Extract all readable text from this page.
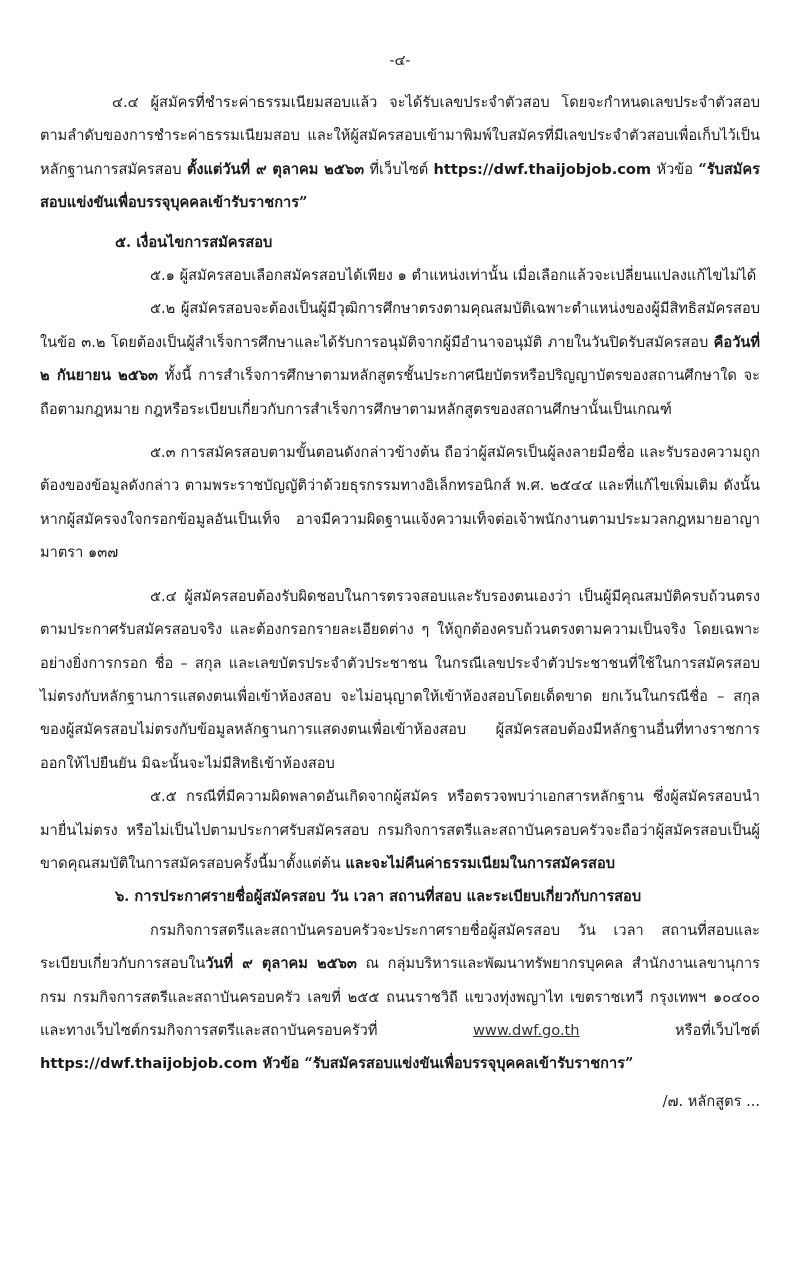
-๔-

๔.๔ ผู้สมัครที่ชำระค่าธรรมเนียมสอบแล้ว จะได้รับเลขประจำตัวสอบ โดยจะกำหนดเลขประจำตัวสอบตามลำดับของการชำระค่าธรรมเนียมสอบ และให้ผู้สมัครสอบเข้ามาพิมพ์ใบสมัครที่มีเลขประจำตัวสอบเพื่อเก็บไว้เป็นหลักฐานการสมัครสอบ ตั้งแต่วันที่ ๙ ตุลาคม ๒๕๖๓ ที่เว็บไซต์ https://dwf.thaijobjob.com หัวข้อ “รับสมัครสอบแข่งขันเพื่อบรรจุบุคคลเข้ารับราชการ”

๕. เงื่อนไขการสมัครสอบ

๕.๑ ผู้สมัครสอบเลือกสมัครสอบได้เพียง ๑ ตำแหน่งเท่านั้น เมื่อเลือกแล้วจะเปลี่ยนแปลงแก้ไขไม่ได้

๕.๒ ผู้สมัครสอบจะต้องเป็นผู้มีวุฒิการศึกษาตรงตามคุณสมบัติเฉพาะตำแหน่งของผู้มีสิทธิสมัครสอบ ในข้อ ๓.๒ โดยต้องเป็นผู้สำเร็จการศึกษาและได้รับการอนุมัติจากผู้มีอำนาจอนุมัติ ภายในวันปิดรับสมัครสอบ คือวันที่ ๒ กันยายน ๒๕๖๓ ทั้งนี้ การสำเร็จการศึกษาตามหลักสูตรชั้นประกาศนียบัตรหรือปริญญาบัตรของสถานศึกษาใด จะถือตามกฎหมาย กฎหรือระเบียบเกี่ยวกับการสำเร็จการศึกษาตามหลักสูตรของสถานศึกษานั้นเป็นเกณฑ์

๕.๓ การสมัครสอบตามขั้นตอนดังกล่าวข้างต้น ถือว่าผู้สมัครเป็นผู้ลงลายมือชื่อ และรับรองความถูกต้องของข้อมูลดังกล่าว ตามพระราชบัญญัติว่าด้วยธุรกรรมทางอิเล็กทรอนิกส์ พ.ศ. ๒๕๔๔ และที่แก้ไขเพิ่มเติม ดังนั้น หากผู้สมัครจงใจกรอกข้อมูลอันเป็นเท็จ อาจมีความผิดฐานแจ้งความเท็จต่อเจ้าพนักงานตามประมวลกฎหมายอาญา มาตรา ๑๓๗

๕.๔ ผู้สมัครสอบต้องรับผิดชอบในการตรวจสอบและรับรองตนเองว่า เป็นผู้มีคุณสมบัติครบถ้วนตรงตามประกาศรับสมัครสอบจริง และต้องกรอกรายละเอียดต่าง ๆ ให้ถูกต้องครบถ้วนตรงตามความเป็นจริง โดยเฉพาะอย่างยิ่งการกรอก ชื่อ – สกุล และเลขบัตรประจำตัวประชาชน ในกรณีเลขประจำตัวประชาชนที่ใช้ในการสมัครสอบไม่ตรงกับหลักฐานการแสดงตนเพื่อเข้าห้องสอบ จะไม่อนุญาตให้เข้าห้องสอบโดยเด็ดขาด ยกเว้นในกรณีชื่อ – สกุล ของผู้สมัครสอบไม่ตรงกับข้อมูลหลักฐานการแสดงตนเพื่อเข้าห้องสอบ ผู้สมัครสอบต้องมีหลักฐานอื่นที่ทางราชการออกให้ไปยืนยัน มิฉะนั้นจะไม่มีสิทธิเข้าห้องสอบ

๕.๕ กรณีที่มีความผิดพลาดอันเกิดจากผู้สมัคร หรือตรวจพบว่าเอกสารหลักฐาน ซึ่งผู้สมัครสอบนำมายื่นไม่ตรง หรือไม่เป็นไปตามประกาศรับสมัครสอบ กรมกิจการสตรีและสถาบันครอบครัวจะถือว่าผู้สมัครสอบเป็นผู้ขาดคุณสมบัติในการสมัครสอบครั้งนี้มาตั้งแต่ต้น และจะไม่คืนค่าธรรมเนียมในการสมัครสอบ

๖. การประกาศรายชื่อผู้สมัครสอบ วัน เวลา สถานที่สอบ และระเบียบเกี่ยวกับการสอบ

กรมกิจการสตรีและสถาบันครอบครัวจะประกาศรายชื่อผู้สมัครสอบ วัน เวลา สถานที่สอบและระเบียบเกี่ยวกับการสอบในวันที่ ๙ ตุลาคม ๒๕๖๓ ณ กลุ่มบริหารและพัฒนาทรัพยากรบุคคล สำนักงานเลขานุการกรม กรมกิจการสตรีและสถาบันครอบครัว เลขที่ ๒๕๕ ถนนราชวิถี แขวงทุ่งพญาไท เขตราชเทวี กรุงเทพฯ ๑๐๔๐๐ และทางเว็บไซต์กรมกิจการสตรีและสถาบันครอบครัวที่ www.dwf.go.th หรือที่เว็บไซต์ https://dwf.thaijobjob.com หัวข้อ “รับสมัครสอบแข่งขันเพื่อบรรจุบุคคลเข้ารับราชการ”

/๗. หลักสูตร ...
